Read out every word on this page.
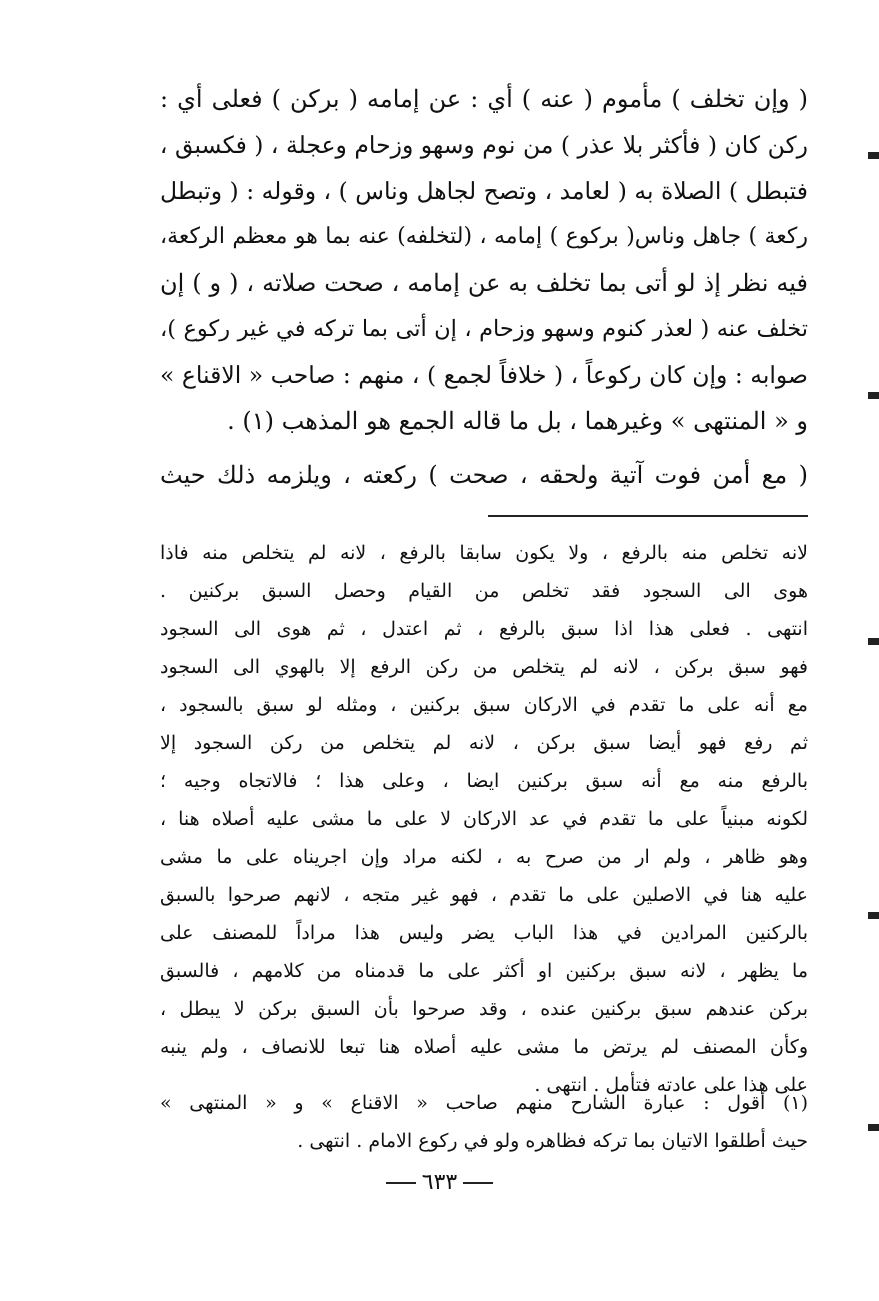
( وإن تخلف ) مأموم ( عنه ) أي : عن إمامه ( بركن ) فعلى أي :
ركن كان ( فأكثر بلا عذر ) من نوم وسهو وزحام وعجلة ، ( فكسبق ،
فتبطل ) الصلاة به ( لعامد ، وتصح لجاهل وناس ) ، وقوله : ( وتبطل
ركعة ) جاهل وناس( بركوع ) إمامه ، (لتخلفه) عنه بما هو معظم الركعة،
فيه نظر إذ لو أتى بما تخلف به عن إمامه ، صحت صلاته ، ( و ) إن
تخلف عنه ( لعذر كنوم وسهو وزحام ، إن أتى بما تركه في غير ركوع )،
صوابه : وإن كان ركوعاً ، ( خلافاً لجمع ) ، منهم : صاحب « الاقناع »
و « المنتهى » وغيرهما ، بل ما قاله الجمع هو المذهب (١) .
( مع أمن فوت آتية ولحقه ، صحت ) ركعته ، ويلزمه ذلك حيث
لانه تخلص منه بالرفع ، ولا يكون سابقا بالرفع ، لانه لم يتخلص منه فاذا
هوى الى السجود فقد تخلص من القيام وحصل السبق بركنين .
انتهى . فعلى هذا اذا سبق بالرفع ، ثم اعتدل ، ثم هوى الى السجود
فهو سبق بركن ، لانه لم يتخلص من ركن الرفع إلا بالهوي الى السجود
مع أنه على ما تقدم في الاركان سبق بركنين ، ومثله لو سبق بالسجود ،
ثم رفع فهو أيضا سبق بركن ، لانه لم يتخلص من ركن السجود إلا
بالرفع منه مع أنه سبق بركنين ايضا ، وعلى هذا ؛ فالاتجاه وجيه ؛
لكونه مبنياً على ما تقدم في عد الاركان لا على ما مشى عليه أصلاه هنا ،
وهو ظاهر ، ولم ار من صرح به ، لكنه مراد وإن اجريناه على ما مشى
عليه هنا في الاصلين على ما تقدم ، فهو غير متجه ، لانهم صرحوا بالسبق
بالركنين المرادين في هذا الباب يضر وليس هذا مراداً للمصنف على
ما يظهر ، لانه سبق بركنين او أكثر على ما قدمناه من كلامهم ، فالسبق
بركن عندهم سبق بركنين عنده ، وقد صرحوا بأن السبق بركن لا يبطل ،
وكأن المصنف لم يرتض ما مشى عليه أصلاه هنا تبعا للانصاف ، ولم ينبه
على هذا على عادته فتأمل . انتهى .
(١) أقول : عبارة الشارح منهم صاحب « الاقناع » و « المنتهى »
حيث أطلقوا الاتيان بما تركه فظاهره ولو في ركوع الامام . انتهى .
٦٣٣
